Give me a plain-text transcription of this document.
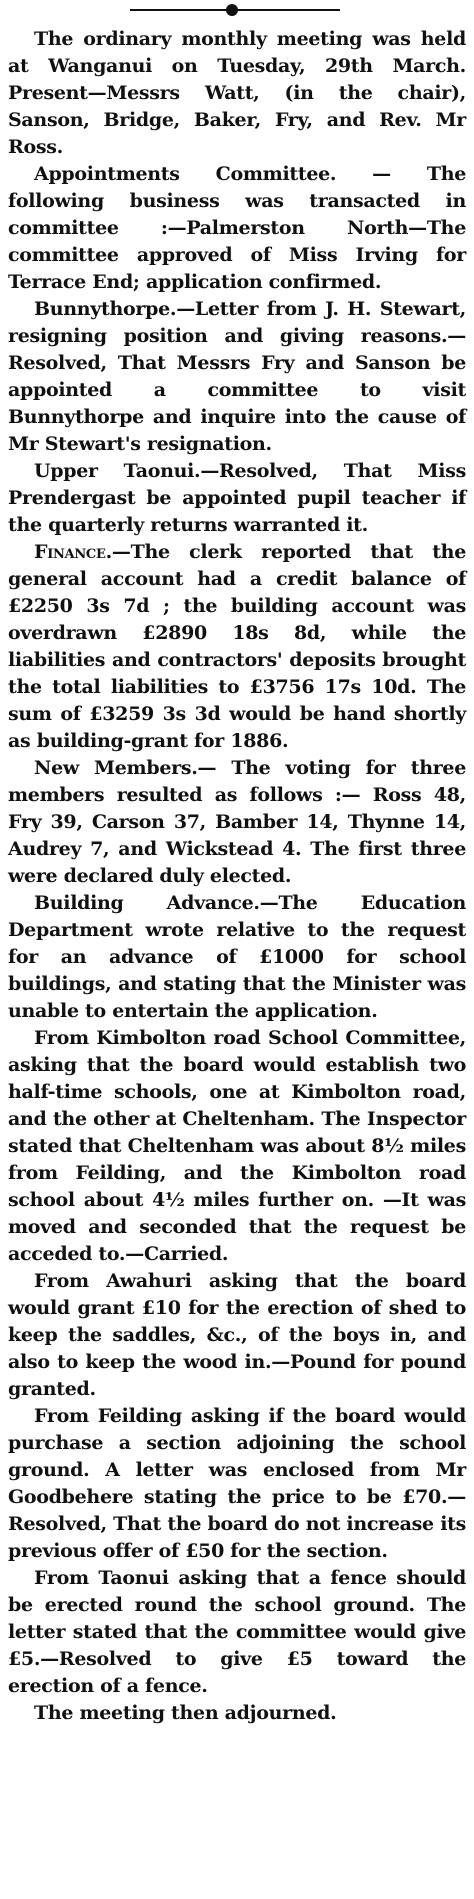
The ordinary monthly meeting was held at Wanganui on Tuesday, 29th March. Present—Messrs Watt, (in the chair), Sanson, Bridge, Baker, Fry, and Rev. Mr Ross.

Appointments Committee. — The following business was transacted in committee :—Palmerston North—The committee approved of Miss Irving for Terrace End; application confirmed.

Bunnythorpe.—Letter from J. H. Stewart, resigning position and giving reasons.—Resolved, That Messrs Fry and Sanson be appointed a committee to visit Bunnythorpe and inquire into the cause of Mr Stewart's resignation.

Upper Taonui.—Resolved, That Miss Prendergast be appointed pupil teacher if the quarterly returns warranted it.

Finance.—The clerk reported that the general account had a credit balance of £2250 3s 7d ; the building account was overdrawn £2890 18s 8d, while the liabilities and contractors' deposits brought the total liabilities to £3756 17s 10d. The sum of £3259 3s 3d would be hand shortly as building-grant for 1886.

New Members.— The voting for three members resulted as follows :— Ross 48, Fry 39, Carson 37, Bamber 14, Thynne 14, Audrey 7, and Wickstead 4. The first three were declared duly elected.

Building Advance.—The Education Department wrote relative to the request for an advance of £1000 for school buildings, and stating that the Minister was unable to entertain the application.

From Kimbolton road School Committee, asking that the board would establish two half-time schools, one at Kimbolton road, and the other at Cheltenham. The Inspector stated that Cheltenham was about 8½ miles from Feilding, and the Kimbolton road school about 4½ miles further on. —It was moved and seconded that the request be acceded to.—Carried.

From Awahuri asking that the board would grant £10 for the erection of shed to keep the saddles, &c., of the boys in, and also to keep the wood in.—Pound for pound granted.

From Feilding asking if the board would purchase a section adjoining the school ground. A letter was enclosed from Mr Goodbehere stating the price to be £70.—Resolved, That the board do not increase its previous offer of £50 for the section.

From Taonui asking that a fence should be erected round the school ground. The letter stated that the committee would give £5.—Resolved to give £5 toward the erection of a fence.

The meeting then adjourned.
